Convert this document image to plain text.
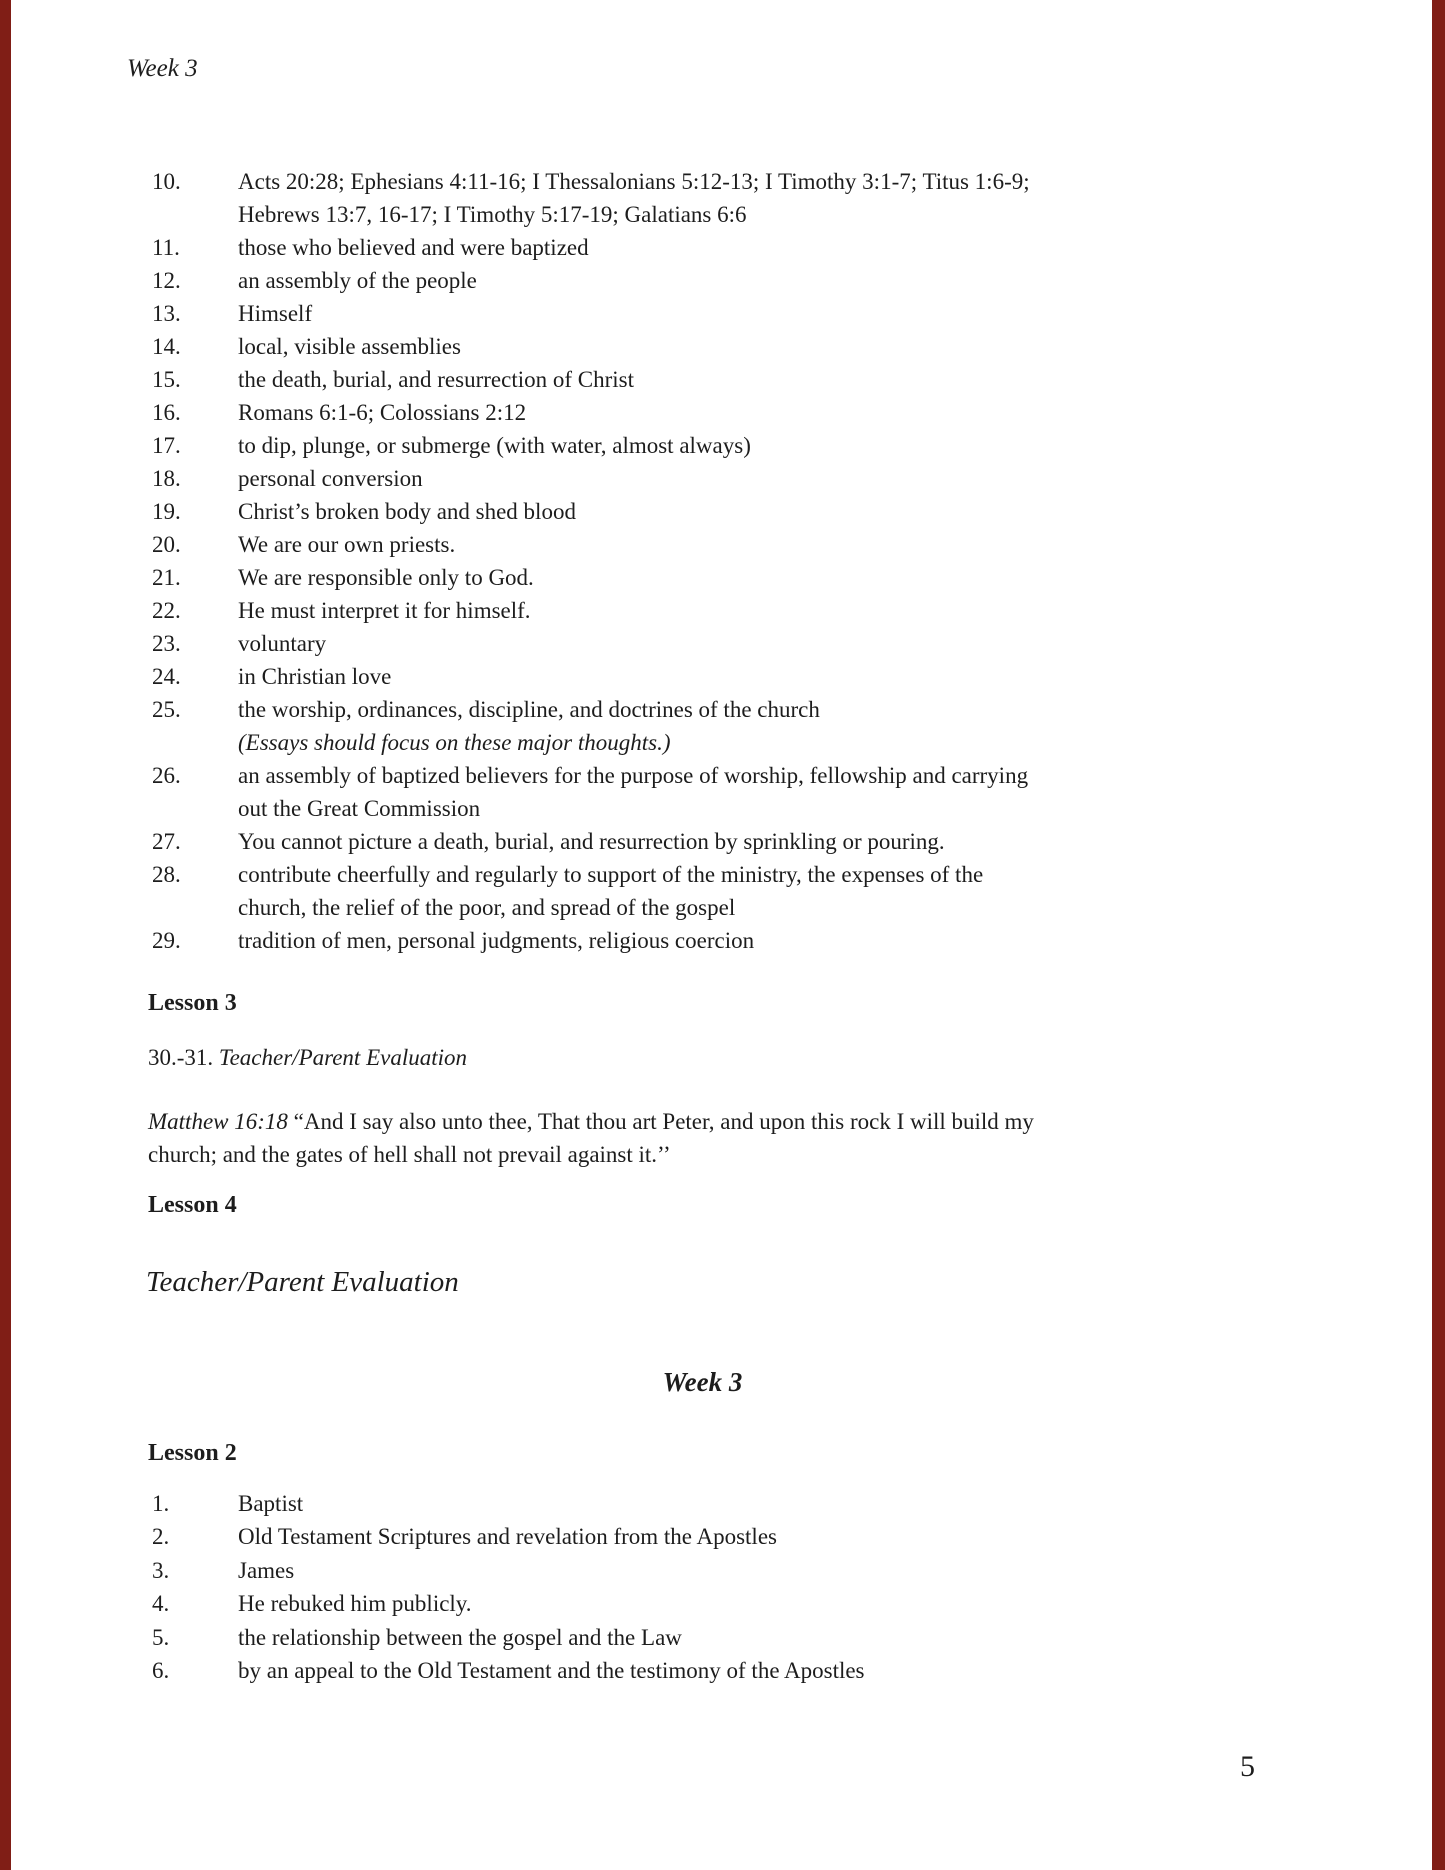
Week 3
10.	Acts 20:28; Ephesians 4:11-16; I Thessalonians 5:12-13; I Timothy 3:1-7; Titus 1:6-9;
Hebrews 13:7, 16-17; I Timothy 5:17-19; Galatians 6:6
11.	those who believed and were baptized
12.	an assembly of the people
13.	Himself
14.	local, visible assemblies
15.	the death, burial, and resurrection of Christ
16.	Romans 6:1-6; Colossians 2:12
17.	to dip, plunge, or submerge (with water, almost always)
18.	personal conversion
19.	Christ’s broken body and shed blood
20.	We are our own priests.
21.	We are responsible only to God.
22.	He must interpret it for himself.
23.	voluntary
24.	in Christian love
25.	the worship, ordinances, discipline, and doctrines of the church
(Essays should focus on these major thoughts.)
26.	an assembly of baptized believers for the purpose of worship, fellowship and carrying
out the Great Commission
27.	You cannot picture a death, burial, and resurrection by sprinkling or pouring.
28.	contribute cheerfully and regularly to support of the ministry, the expenses of the
church, the relief of the poor, and spread of the gospel
29.	tradition of men, personal judgments, religious coercion
Lesson 3
30.-31. Teacher/Parent Evaluation
Matthew 16:18 “And I say also unto thee, That thou art Peter, and upon this rock I will build my
church; and the gates of hell shall not prevail against it.’’
Lesson 4
Teacher/Parent Evaluation
Week 3
Lesson 2
1.	Baptist
2.	Old Testament Scriptures and revelation from the Apostles
3.	James
4.	He rebuked him publicly.
5.	the relationship between the gospel and the Law
6.	by an appeal to the Old Testament and the testimony of the Apostles
5
